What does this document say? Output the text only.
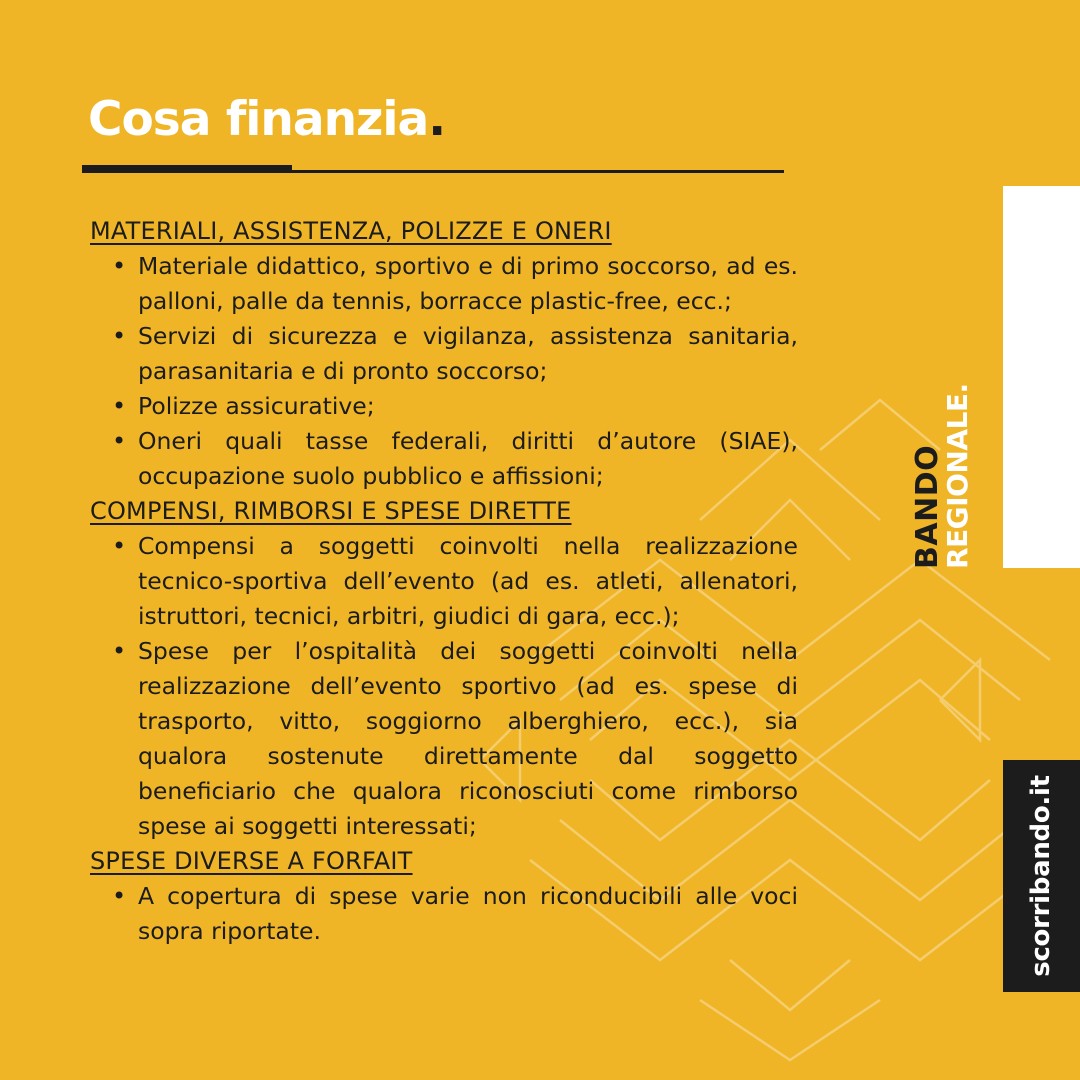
Cosa finanzia.
MATERIALI, ASSISTENZA, POLIZZE E ONERI
• Materiale didattico, sportivo e di primo soccorso, ad es. palloni, palle da tennis, borracce plastic-free, ecc.;
• Servizi di sicurezza e vigilanza, assistenza sanitaria, parasanitaria e di pronto soccorso;
• Polizze assicurative;
• Oneri quali tasse federali, diritti d’autore (SIAE), occupazione suolo pubblico e affissioni;
COMPENSI, RIMBORSI E SPESE DIRETTE
• Compensi a soggetti coinvolti nella realizzazione tecnico-sportiva dell’evento (ad es. atleti, allenatori, istruttori, tecnici, arbitri, giudici di gara, ecc.);
• Spese per l’ospitalità dei soggetti coinvolti nella realizzazione dell’evento sportivo (ad es. spese di trasporto, vitto, soggiorno alberghiero, ecc.), sia qualora sostenute direttamente dal soggetto beneficiario che qualora riconosciuti come rimborso spese ai soggetti interessati;
SPESE DIVERSE A FORFAIT
• A copertura di spese varie non riconducibili alle voci sopra riportate.
BANDO
REGIONALE.
scorribando.it
